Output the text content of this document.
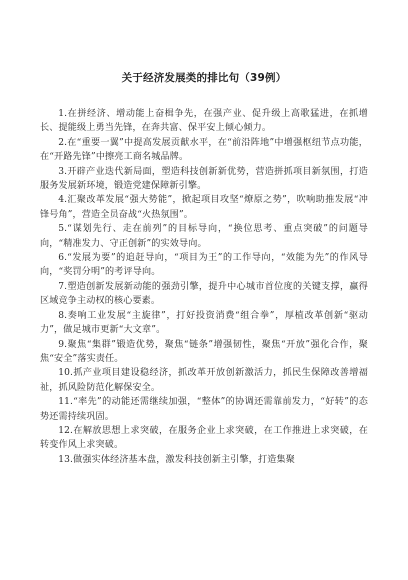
关于经济发展类的排比句（39例）

1.在拼经济、增动能上奋楫争先，在强产业、促升级上高歌猛进，在抓增长、提能级上勇当先锋，在奔共富、保平安上倾心倾力。

2.在“重要一翼”中提高发展贡献水平，在“前沿阵地”中增强枢纽节点功能，在“开路先锋”中擦亮工商名城品牌。

3.开辟产业迭代新局面，塑造科技创新新优势，营造拼抓项目新氛围，打造服务发展新环境，锻造党建保障新引擎。

4.汇聚改革发展“强大势能”，掀起项目攻坚“燎原之势”，吹响助推发展“冲锋号角”，营造全员奋战“火热氛围”。

5.“谋划先行、走在前列”的目标导向，“换位思考、重点突破”的问题导向，“精准发力、守正创新”的实效导向。

6.“发展为要”的追赶导向，“项目为王”的工作导向，“效能为先”的作风导向，“奖罚分明”的考评导向。

7.塑造创新发展新动能的强劲引擎，提升中心城市首位度的关键支撑，赢得区域竞争主动权的核心要素。

8.奏响工业发展“主旋律”，打好投资消费“组合拳”，厚植改革创新“驱动力”，做足城市更新“大文章”。

9.聚焦“集群”锻造优势，聚焦“链条”增强韧性，聚焦“开放”强化合作，聚焦“安全”落实责任。

10.抓产业项目建设稳经济，抓改革开放创新激活力，抓民生保障改善增福祉，抓风险防范化解保安全。

11.“率先”的动能还需继续加强，“整体”的协调还需靠前发力，“好转”的态势还需持续巩固。

12.在解放思想上求突破，在服务企业上求突破，在工作推进上求突破，在转变作风上求突破。

13.做强实体经济基本盘，激发科技创新主引擎，打造集聚
